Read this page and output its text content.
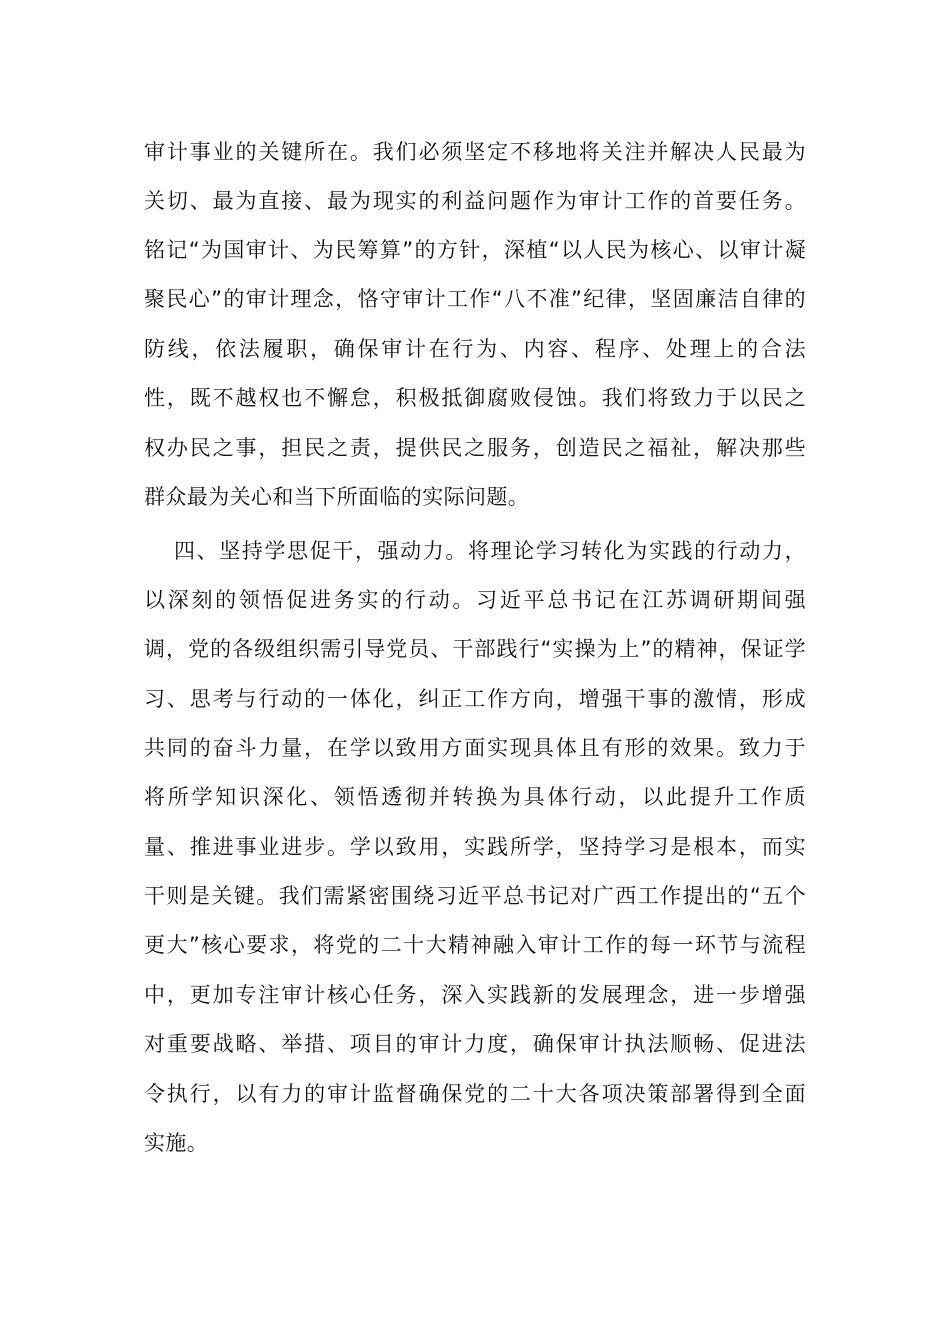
审计事业的关键所在。我们必须坚定不移地将关注并解决人民最为
关切、最为直接、最为现实的利益问题作为审计工作的首要任务。
铭记“为国审计、为民筹算”的方针，深植“以人民为核心、以审计凝
聚民心”的审计理念，恪守审计工作“八不准”纪律，坚固廉洁自律的
防线，依法履职，确保审计在行为、内容、程序、处理上的合法
性，既不越权也不懈怠，积极抵御腐败侵蚀。我们将致力于以民之
权办民之事，担民之责，提供民之服务，创造民之福祉，解决那些
群众最为关心和当下所面临的实际问题。
四、坚持学思促干，强动力。将理论学习转化为实践的行动力，
以深刻的领悟促进务实的行动。习近平总书记在江苏调研期间强
调，党的各级组织需引导党员、干部践行“实操为上”的精神，保证学
习、思考与行动的一体化，纠正工作方向，增强干事的激情，形成
共同的奋斗力量，在学以致用方面实现具体且有形的效果。致力于
将所学知识深化、领悟透彻并转换为具体行动，以此提升工作质
量、推进事业进步。学以致用，实践所学，坚持学习是根本，而实
干则是关键。我们需紧密围绕习近平总书记对广西工作提出的“五个
更大”核心要求，将党的二十大精神融入审计工作的每一环节与流程
中，更加专注审计核心任务，深入实践新的发展理念，进一步增强
对重要战略、举措、项目的审计力度，确保审计执法顺畅、促进法
令执行，以有力的审计监督确保党的二十大各项决策部署得到全面
实施。
